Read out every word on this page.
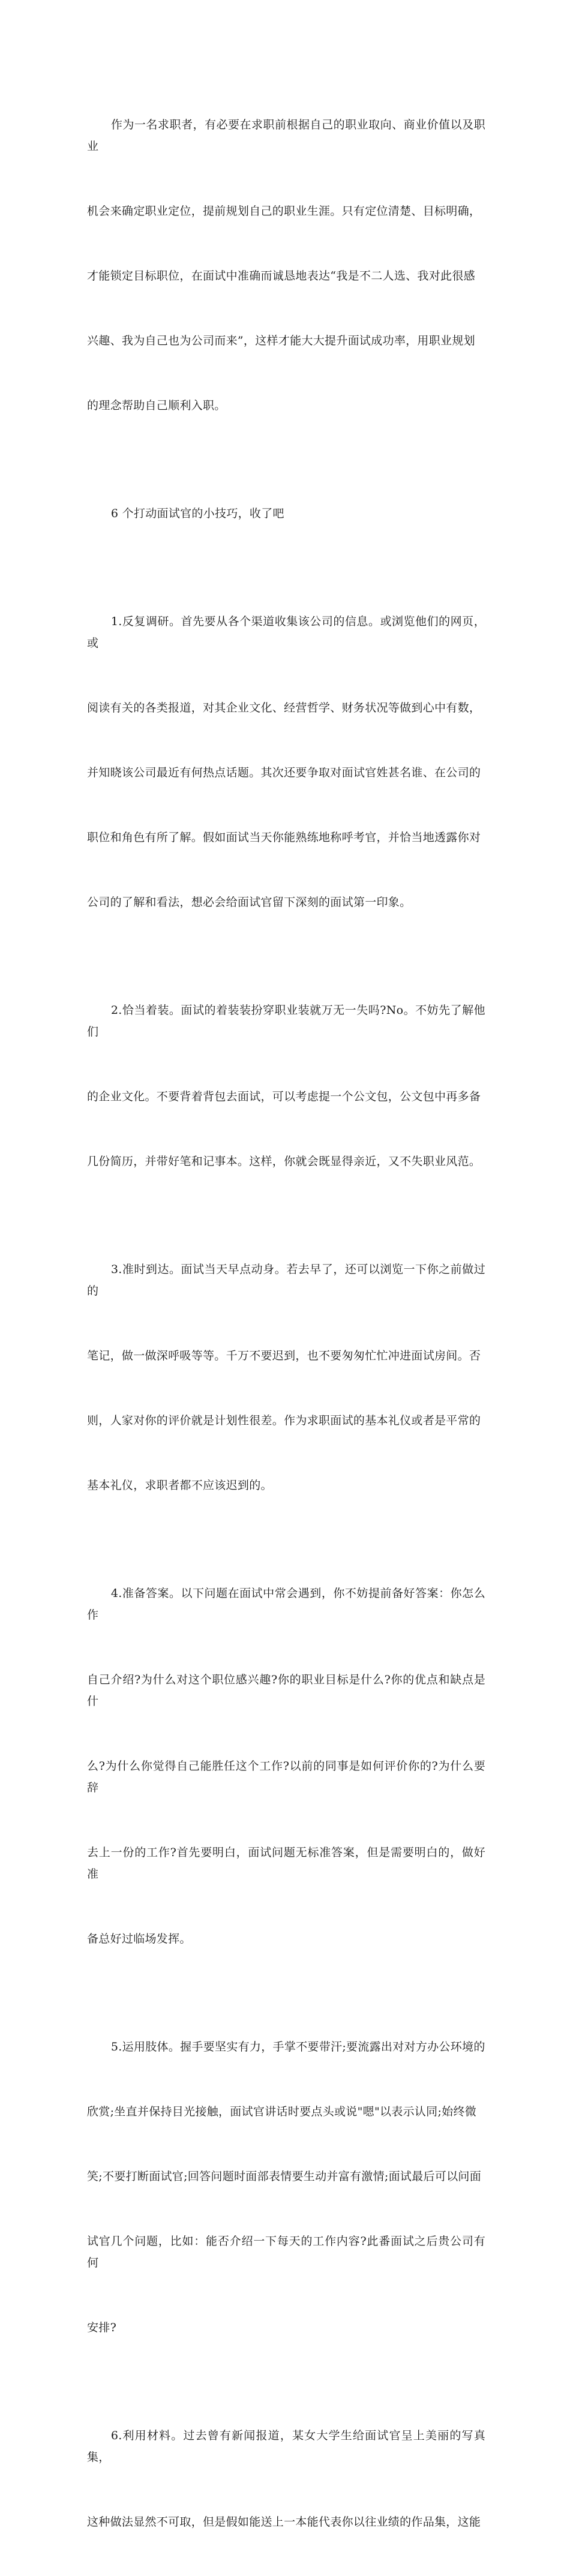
作为一名求职者，有必要在求职前根据自己的职业取向、商业价值以及职业

机会来确定职业定位，提前规划自己的职业生涯。只有定位清楚、目标明确，

才能锁定目标职位，在面试中准确而诚恳地表达“我是不二人选、我对此很感

兴趣、我为自己也为公司而来”，这样才能大大提升面试成功率，用职业规划

的理念帮助自己顺利入职。

6 个打动面试官的小技巧，收了吧

1.反复调研。首先要从各个渠道收集该公司的信息。或浏览他们的网页，或

阅读有关的各类报道，对其企业文化、经营哲学、财务状况等做到心中有数，

并知晓该公司最近有何热点话题。其次还要争取对面试官姓甚名谁、在公司的

职位和角色有所了解。假如面试当天你能熟练地称呼考官，并恰当地透露你对

公司的了解和看法，想必会给面试官留下深刻的面试第一印象。

2.恰当着装。面试的着装装扮穿职业装就万无一失吗?No。不妨先了解他们

的企业文化。不要背着背包去面试，可以考虑提一个公文包，公文包中再多备

几份简历，并带好笔和记事本。这样，你就会既显得亲近，又不失职业风范。

3.准时到达。面试当天早点动身。若去早了，还可以浏览一下你之前做过的

笔记，做一做深呼吸等等。千万不要迟到，也不要匆匆忙忙冲进面试房间。否

则，人家对你的评价就是计划性很差。作为求职面试的基本礼仪或者是平常的

基本礼仪，求职者都不应该迟到的。

4.准备答案。以下问题在面试中常会遇到，你不妨提前备好答案：你怎么作

自己介绍?为什么对这个职位感兴趣?你的职业目标是什么?你的优点和缺点是什

么?为什么你觉得自己能胜任这个工作?以前的同事是如何评价你的?为什么要辞

去上一份的工作?首先要明白，面试问题无标准答案，但是需要明白的，做好准

备总好过临场发挥。

5.运用肢体。握手要坚实有力，手掌不要带汗;要流露出对对方办公环境的

欣赏;坐直并保持目光接触，面试官讲话时要点头或说"嗯"以表示认同;始终微

笑;不要打断面试官;回答问题时面部表情要生动并富有激情;面试最后可以问面

试官几个问题，比如：能否介绍一下每天的工作内容?此番面试之后贵公司有何

安排?

6.利用材料。过去曾有新闻报道，某女大学生给面试官呈上美丽的写真集，

这种做法显然不可取，但是假如能送上一本能代表你以往业绩的作品集，这能
